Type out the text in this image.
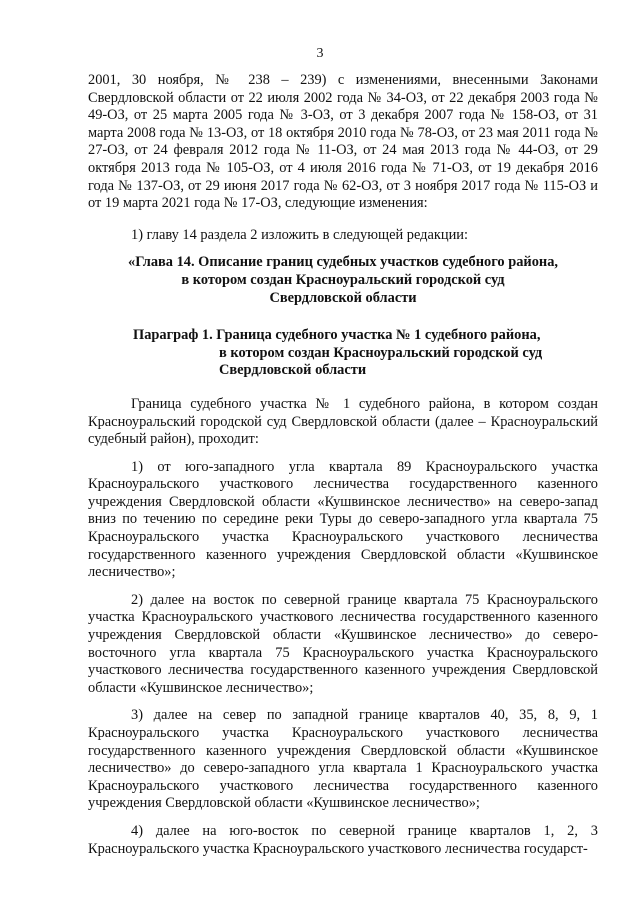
3

2001, 30 ноября, № 238 – 239) с изменениями, внесенными Законами Свердловской области от 22 июля 2002 года № 34-ОЗ, от 22 декабря 2003 года № 49-ОЗ, от 25 марта 2005 года № 3-ОЗ, от 3 декабря 2007 года № 158-ОЗ, от 31 марта 2008 года № 13-ОЗ, от 18 октября 2010 года № 78-ОЗ, от 23 мая 2011 года № 27-ОЗ, от 24 февраля 2012 года № 11-ОЗ, от 24 мая 2013 года № 44-ОЗ, от 29 октября 2013 года № 105-ОЗ, от 4 июля 2016 года № 71-ОЗ, от 19 декабря 2016 года № 137-ОЗ, от 29 июня 2017 года № 62-ОЗ, от 3 ноября 2017 года № 115-ОЗ и от 19 марта 2021 года № 17-ОЗ, следующие изменения:

1) главу 14 раздела 2 изложить в следующей редакции:

«Глава 14. Описание границ судебных участков судебного района,
в котором создан Красноуральский городской суд
Свердловской области
Параграф 1. Граница судебного участка № 1 судебного района,
в котором создан Красноуральский городской суд
Свердловской области

Граница судебного участка № 1 судебного района, в котором создан Красноуральский городской суд Свердловской области (далее – Красноуральский судебный район), проходит:

1) от юго-западного угла квартала 89 Красноуральского участка Красноуральского участкового лесничества государственного казенного учреждения Свердловской области «Кушвинское лесничество» на северо-запад вниз по течению по середине реки Туры до северо-западного угла квартала 75 Красноуральского участка Красноуральского участкового лесничества государственного казенного учреждения Свердловской области «Кушвинское лесничество»;

2) далее на восток по северной границе квартала 75 Красноуральского участка Красноуральского участкового лесничества государственного казенного учреждения Свердловской области «Кушвинское лесничество» до северо-восточного угла квартала 75 Красноуральского участка Красноуральского участкового лесничества государственного казенного учреждения Свердловской области «Кушвинское лесничество»;

3) далее на север по западной границе кварталов 40, 35, 8, 9, 1 Красноуральского участка Красноуральского участкового лесничества государственного казенного учреждения Свердловской области «Кушвинское лесничество» до северо-западного угла квартала 1 Красноуральского участка Красноуральского участкового лесничества государственного казенного учреждения Свердловской области «Кушвинское лесничество»;

4) далее на юго-восток по северной границе кварталов 1, 2, 3 Красноуральского участка Красноуральского участкового лесничества государст-
